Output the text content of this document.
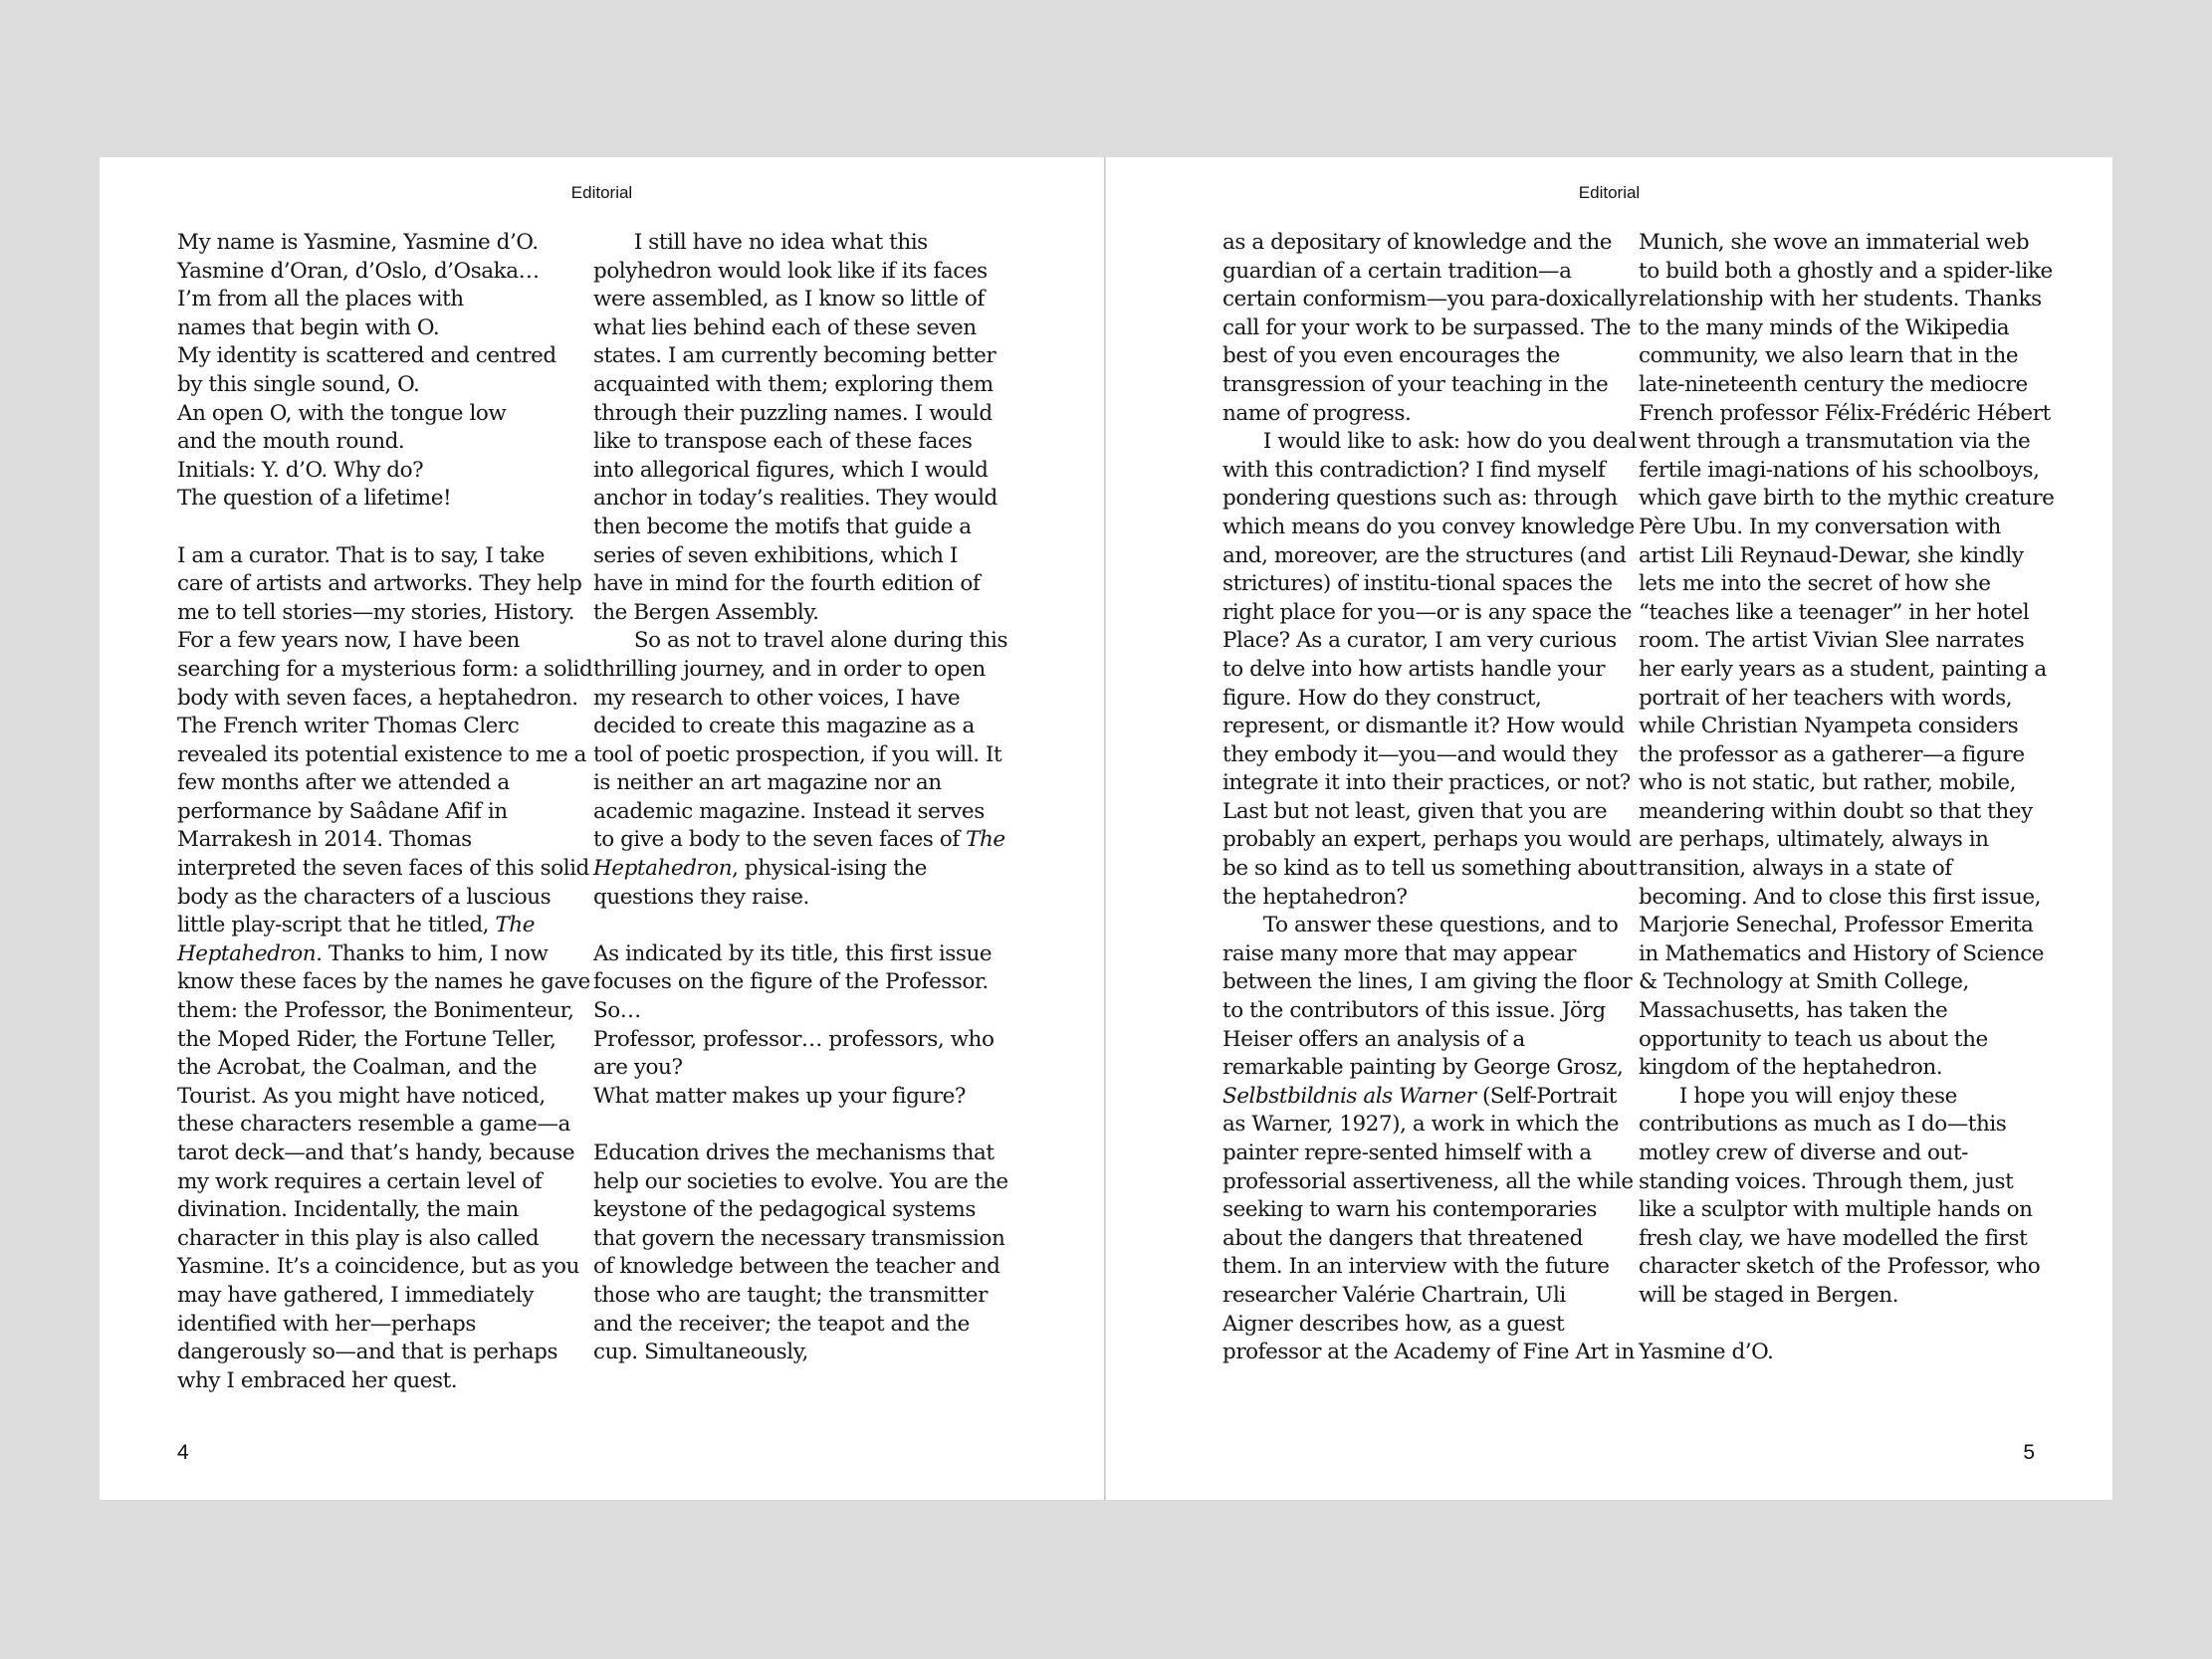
Editorial

My name is Yasmine, Yasmine d’O.
Yasmine d’Oran, d’Oslo, d’Osaka…
I’m from all the places with
names that begin with O.
My identity is scattered and centred
by this single sound, O.
An open O, with the tongue low
and the mouth round.
Initials: Y. d’O. Why do?
The question of a lifetime!

I am a curator. That is to say, I take care of artists and artworks. They help me to tell stories—my stories, History. For a few years now, I have been searching for a mysterious form: a solid body with seven faces, a heptahedron. The French writer Thomas Clerc revealed its potential existence to me a few months after we attended a performance by Saâdane Afif in Marrakesh in 2014. Thomas interpreted the seven faces of this solid body as the characters of a luscious little play-script that he titled, The Heptahedron. Thanks to him, I now know these faces by the names he gave them: the Professor, the Bonimenteur, the Moped Rider, the Fortune Teller, the Acrobat, the Coalman, and the Tourist. As you might have noticed, these characters resemble a game—a tarot deck—and that’s handy, because my work requires a certain level of divination. Incidentally, the main character in this play is also called Yasmine. It’s a coincidence, but as you may have gathered, I immediately identified with her—perhaps dangerously so—and that is perhaps why I embraced her quest.

I still have no idea what this polyhedron would look like if its faces were assembled, as I know so little of what lies behind each of these seven states. I am currently becoming better acquainted with them; exploring them through their puzzling names. I would like to transpose each of these faces into allegorical figures, which I would anchor in today’s realities. They would then become the motifs that guide a series of seven exhibitions, which I have in mind for the fourth edition of the Bergen Assembly.

So as not to travel alone during this thrilling journey, and in order to open my research to other voices, I have decided to create this magazine as a tool of poetic prospection, if you will. It is neither an art magazine nor an academic magazine. Instead it serves to give a body to the seven faces of The Heptahedron, physical-ising the questions they raise.

As indicated by its title, this first issue focuses on the figure of the Professor.

So…

Professor, professor… professors, who are you?

What matter makes up your figure?

Education drives the mechanisms that help our societies to evolve. You are the keystone of the pedagogical systems that govern the necessary transmission of knowledge between the teacher and those who are taught; the transmitter and the receiver; the teapot and the cup. Simultaneously,

4
Editorial

as a depositary of knowledge and the guardian of a certain tradition—a certain conformism—you para-doxically call for your work to be surpassed. The best of you even encourages the transgression of your teaching in the name of progress.

I would like to ask: how do you deal with this contradiction? I find myself pondering questions such as: through which means do you convey knowledge and, moreover, are the structures (and strictures) of institu-tional spaces the right place for you—or is any space the Place? As a curator, I am very curious to delve into how artists handle your figure. How do they construct, represent, or dismantle it? How would they embody it—you—and would they integrate it into their practices, or not? Last but not least, given that you are probably an expert, perhaps you would be so kind as to tell us something about the heptahedron?

To answer these questions, and to raise many more that may appear between the lines, I am giving the floor to the contributors of this issue. Jörg Heiser offers an analysis of a remarkable painting by George Grosz, Selbstbildnis als Warner (Self-Portrait as Warner, 1927), a work in which the painter repre-sented himself with a professorial assertiveness, all the while seeking to warn his contemporaries about the dangers that threatened them. In an interview with the future researcher Valérie Chartrain, Uli Aigner describes how, as a guest professor at the Academy of Fine Art in

Munich, she wove an immaterial web to build both a ghostly and a spider-like relationship with her students. Thanks to the many minds of the Wikipedia community, we also learn that in the late-nineteenth century the mediocre French professor Félix-Frédéric Hébert went through a transmutation via the fertile imagi-nations of his schoolboys, which gave birth to the mythic creature Père Ubu. In my conversation with artist Lili Reynaud-Dewar, she kindly lets me into the secret of how she “teaches like a teenager” in her hotel room. The artist Vivian Slee narrates her early years as a student, painting a portrait of her teachers with words, while Christian Nyampeta considers the professor as a gatherer—a figure who is not static, but rather, mobile, meandering within doubt so that they are perhaps, ultimately, always in transition, always in a state of becoming. And to close this first issue, Marjorie Senechal, Professor Emerita in Mathematics and History of Science & Technology at Smith College, Massachusetts, has taken the opportunity to teach us about the kingdom of the heptahedron.

I hope you will enjoy these contributions as much as I do—this motley crew of diverse and out-standing voices. Through them, just like a sculptor with multiple hands on fresh clay, we have modelled the first character sketch of the Professor, who will be staged in Bergen.

Yasmine d’O.

5
